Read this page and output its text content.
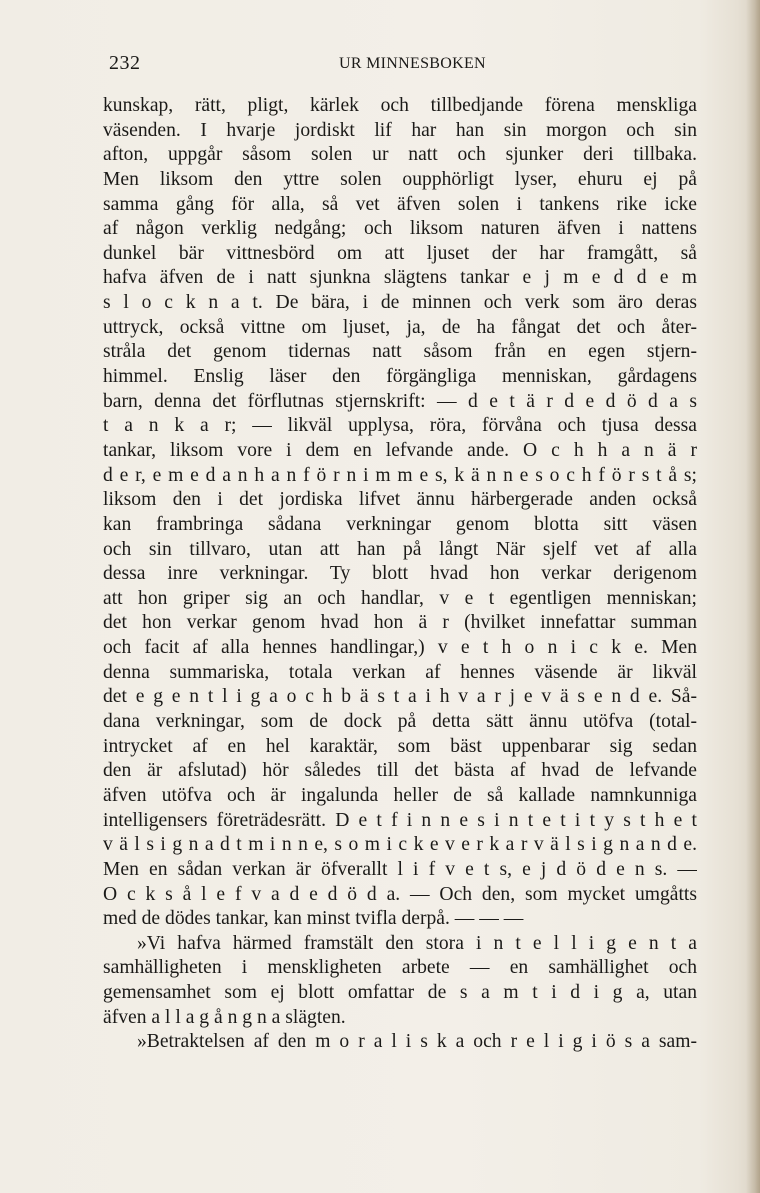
232	UR MINNESBOKEN
kunskap, rätt, pligt, kärlek och tillbedjande förena menskliga
väsenden. I hvarje jordiskt lif har han sin morgon och sin
afton, uppgår såsom solen ur natt och sjunker deri tillbaka.
Men liksom den yttre solen oupphörligt lyser, ehuru ej på
samma gång för alla, så vet äfven solen i tankens rike icke
af någon verklig nedgång; och liksom naturen äfven i nattens
dunkel bär vittnesbörd om att ljuset der har framgått, så
hafva äfven de i natt sjunkna slägtens tankar e j m e d d e m
s l o c k n a t. De bära, i de minnen och verk som äro deras
uttryck, också vittne om ljuset, ja, de ha fångat det och åter-
stråla det genom tidernas natt såsom från en egen stjern-
himmel. Enslig läser den förgängliga menniskan, gårdagens
barn, denna det förflutnas stjernskrift: — d e t ä r d e d ö d a s
t a n k a r; — likväl upplysa, röra, förvåna och tjusa dessa
tankar, liksom vore i dem en lefvande ande. O c h h a n ä r
d e r, e m e d a n h a n f ö r n i m m e s, k ä n n e s o c h f ö r s t å s;
liksom den i det jordiska lifvet ännu härbergerade anden också
kan frambringa sådana verkningar genom blotta sitt väsen
och sin tillvaro, utan att han på långt När sjelf vet af alla
dessa inre verkningar. Ty blott hvad hon verkar derigenom
att hon griper sig an och handlar, v e t egentligen menniskan;
det hon verkar genom hvad hon ä r (hvilket innefattar summan
och facit af alla hennes handlingar,) v e t h o n i c k e. Men
denna summariska, totala verkan af hennes väsende är likväl
det e g e n t l i g a o c h b ä s t a i h v a r j e v ä s e n d e. Så-
dana verkningar, som de dock på detta sätt ännu utöfva (total-
intrycket af en hel karaktär, som bäst uppenbarar sig sedan
den är afslutad) hör således till det bästa af hvad de lefvande
äfven utöfva och är ingalunda heller de så kallade namnkunniga
intelligensers företrädesrätt. D e t f i n n e s i n t e t i t y s t h e t
v ä l s i g n a d t m i n n e, s o m i c k e v e r k a r v ä l s i g n a n d e.
Men en sådan verkan är öfverallt l i f v e t s, e j d ö d e n s. —
O c k s å l e f v a d e d ö d a. — Och den, som mycket umgåtts
med de dödes tankar, kan minst tvifla derpå. — — —
»Vi hafva härmed framstält den stora i n t e l l i g e n t a
samhälligheten i menskligheten arbete — en samhällighet och
gemensamhet som ej blott omfattar de s a m t i d i g a, utan
äfven a l l a g å n g n a slägten.
»Betraktelsen af den m o r a l i s k a och r e l i g i ö s a sam-
